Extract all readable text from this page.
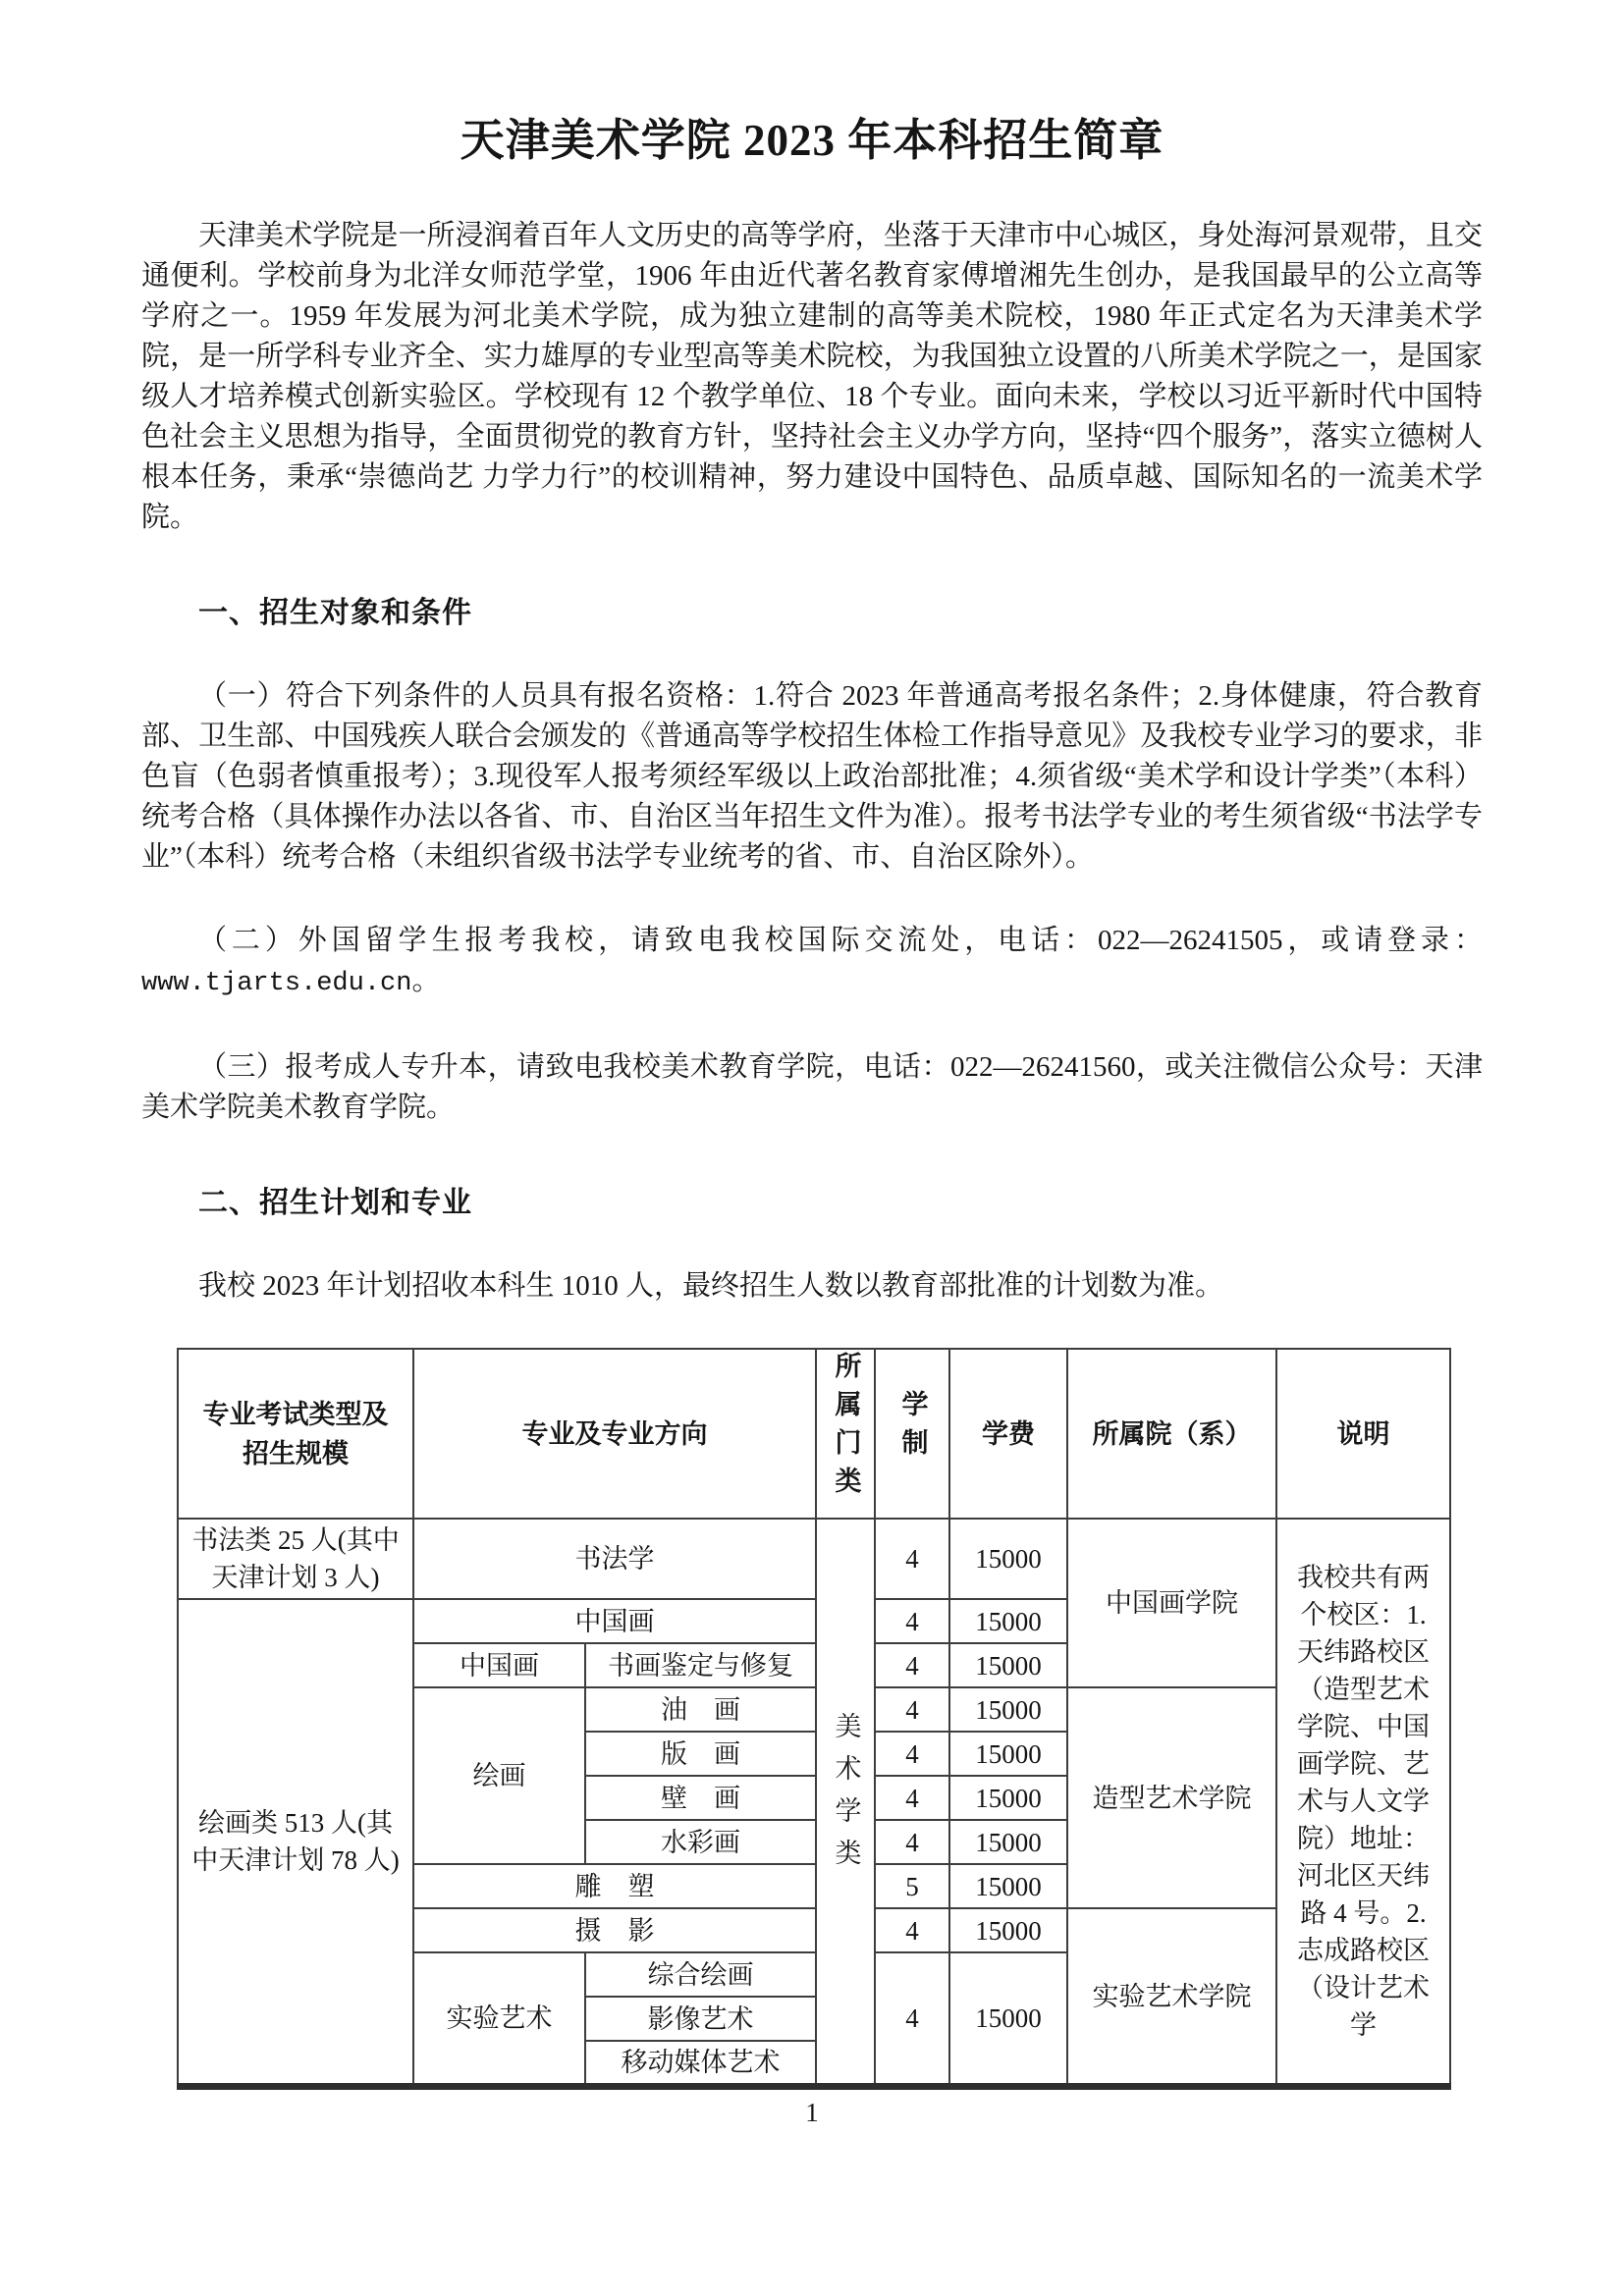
天津美术学院 2023 年本科招生简章

天津美术学院是一所浸润着百年人文历史的高等学府，坐落于天津市中心城区，身处海河景观带，且交通便利。学校前身为北洋女师范学堂，1906 年由近代著名教育家傅增湘先生创办，是我国最早的公立高等学府之一。1959 年发展为河北美术学院，成为独立建制的高等美术院校，1980 年正式定名为天津美术学院，是一所学科专业齐全、实力雄厚的专业型高等美术院校，为我国独立设置的八所美术学院之一，是国家级人才培养模式创新实验区。学校现有 12 个教学单位、18 个专业。面向未来，学校以习近平新时代中国特色社会主义思想为指导，全面贯彻党的教育方针，坚持社会主义办学方向，坚持“四个服务”，落实立德树人根本任务，秉承“崇德尚艺 力学力行”的校训精神，努力建设中国特色、品质卓越、国际知名的一流美术学院。

一、招生对象和条件

（一）符合下列条件的人员具有报名资格：1.符合 2023 年普通高考报名条件；2.身体健康，符合教育部、卫生部、中国残疾人联合会颁发的《普通高等学校招生体检工作指导意见》及我校专业学习的要求，非色盲（色弱者慎重报考）；3.现役军人报考须经军级以上政治部批准；4.须省级“美术学和设计学类”（本科）统考合格（具体操作办法以各省、市、自治区当年招生文件为准）。报考书法学专业的考生须省级“书法学专业”（本科）统考合格（未组织省级书法学专业统考的省、市、自治区除外）。

（二）外国留学生报考我校，请致电我校国际交流处，电话：022—26241505，或请登录：www.tjarts.edu.cn。

（三）报考成人专升本，请致电我校美术教育学院，电话：022—26241560，或关注微信公众号：天津美术学院美术教育学院。

二、招生计划和专业

我校 2023 年计划招收本科生 1010 人，最终招生人数以教育部批准的计划数为准。

专业考试类型及招生规模	专业及专业方向		所属门类	学制	学费	所属院（系）	说明
书法类 25 人(其中天津计划 3 人)	书法学		美术学类	4	15000	中国画学院	我校共有两个校区：1.天纬路校区（造型艺术学院、中国画学院、艺术与人文学院）地址：河北区天纬路 4 号。2.志成路校区（设计艺术学
绘画类 513 人(其中天津计划 78 人)	中国画			4	15000		
	中国画	书画鉴定与修复		4	15000		
	绘画	油　画		4	15000	造型艺术学院	
		版　画		4	15000		
		壁　画		4	15000		
		水彩画		4	15000		
	雕　塑			5	15000		
	摄　影			4	15000	实验艺术学院	
	实验艺术	综合绘画		4	15000		
		影像艺术					
		移动媒体艺术					
1
